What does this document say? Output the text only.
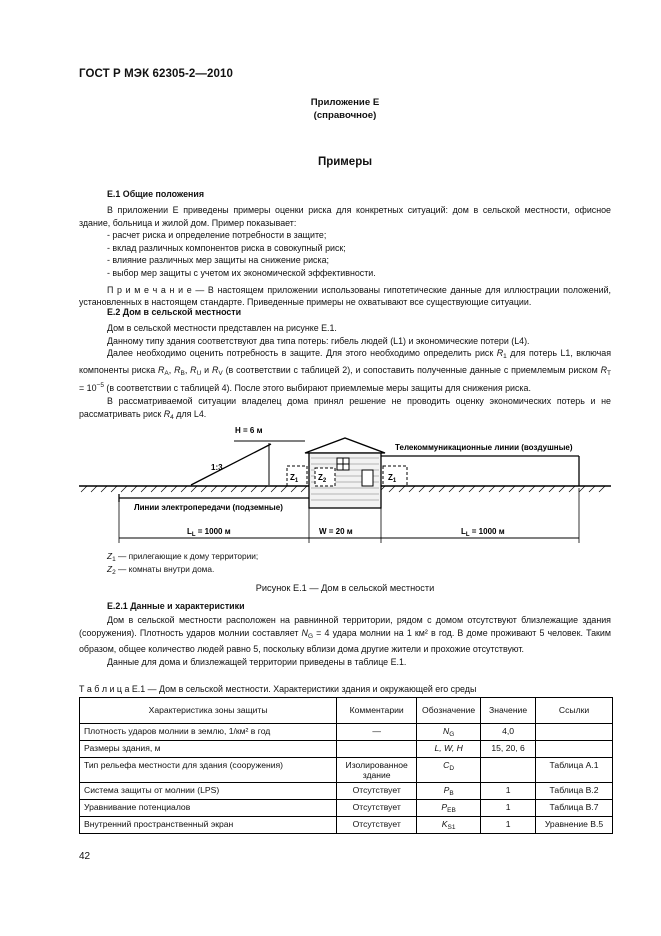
ГОСТ Р МЭК 62305-2—2010
Приложение Е
(справочное)
Примеры
Е.1 Общие положения

В приложении Е приведены примеры оценки риска для конкретных ситуаций: дом в сельской местности, офисное здание, больница и жилой дом. Пример показывает:

- расчет риска и определение потребности в защите;

- вклад различных компонентов риска в совокупный риск;

- влияние различных мер защиты на снижение риска;

- выбор мер защиты с учетом их экономической эффективности.

П р и м е ч а н и е — В настоящем приложении использованы гипотетические данные для иллюстрации положений, установленных в настоящем стандарте. Приведенные примеры не охватывают все существующие ситуации.

Е.2 Дом в сельской местности

Дом в сельской местности представлен на рисунке Е.1.

Данному типу здания соответствуют два типа потерь: гибель людей (L1) и экономические потери (L4).

Далее необходимо оценить потребность в защите. Для этого необходимо определить риск $R_1$ для потерь L1, включая компоненты риска $R_A$, $R_B$, $R_U$ и $R_V$ (в соответствии с таблицей 2), и сопоставить полученные данные с приемлемым риском $R_T = 10^{-5}$ (в соответствии с таблицей 4). После этого выбирают приемлемые меры защиты для снижения риска.

В рассматриваемой ситуации владелец дома принял решение не проводить оценку экономических потерь и не рассматривать риск $R_4$ для L4.

H = 6 м
1:3
$Z_1$ $Z_2$	$Z_1$
Телекоммуникационные линии (воздушные)
Линии электропередачи (подземные)
$L_L = 1000$ м	W = 20 м	$L_L = 1000$ м
$Z_1$ — прилегающие к дому территории;
$Z_2$ — комнаты внутри дома.
Рисунок Е.1 — Дом в сельской местности
Е.2.1 Данные и характеристики

Дом в сельской местности расположен на равнинной территории, рядом с домом отсутствуют близлежащие здания (сооружения). Плотность ударов молнии составляет $N_G = 4$ удара молнии на 1 км² в год. В доме проживают 5 человек. Таким образом, общее количество людей равно 5, поскольку вблизи дома другие жители и прохожие отсутствуют.

Данные для дома и близлежащей территории приведены в таблице Е.1.

Т а б л и ц а Е.1 — Дом в сельской местности. Характеристики здания и окружающей его среды
Характеристика зоны защиты	Комментарии	Обозначение	Значение	Ссылки
Плотность ударов молнии в землю, 1/км² в год	—	$N_G$	4,0	
Размеры здания, м		L, W, H	15, 20, 6	
Тип рельефа местности для здания (сооружения)	Изолированное здание	$C_D$		Таблица А.1
Система защиты от молнии (LPS)	Отсутствует	$P_B$	1	Таблица В.2
Уравнивание потенциалов	Отсутствует	$P_{EB}$	1	Таблица В.7
Внутренний пространственный экран	Отсутствует	$K_{S1}$	1	Уравнение В.5
42
